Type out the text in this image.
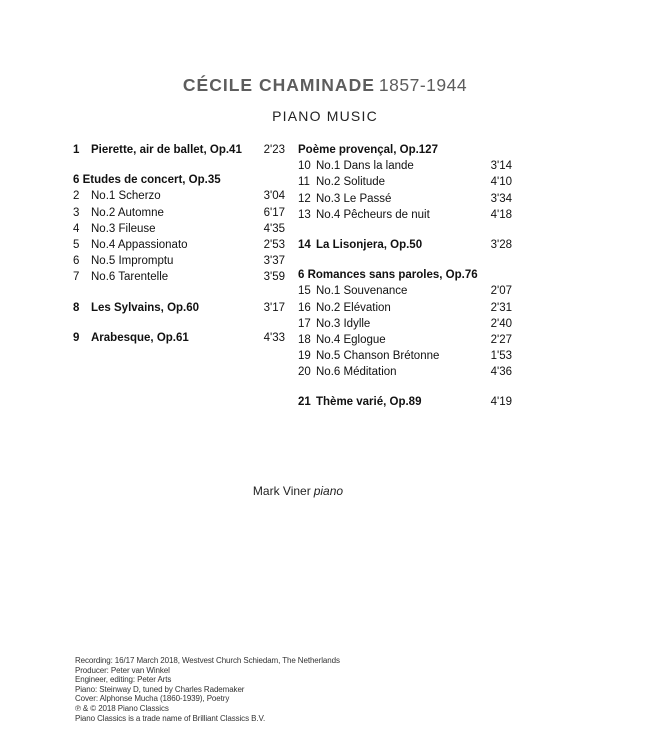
CÉCILE CHAMINADE 1857-1944
PIANO MUSIC
1 Pierette, air de ballet, Op.41 2'23
6 Etudes de concert, Op.35
2 No.1 Scherzo	3'04
3 No.2 Automne	6'17
4 No.3 Fileuse	4'35
5 No.4 Appassionato	2'53
6 No.5 Impromptu	3'37
7 No.6 Tarentelle	3'59
8 Les Sylvains, Op.60	3'17
9 Arabesque, Op.61	4'33
Poème provençal, Op.127
10 No.1 Dans la lande	3'14
11 No.2 Solitude	4'10
12 No.3 Le Passé	3'34
13 No.4 Pêcheurs de nuit	4'18
14 La Lisonjera, Op.50	3'28
6 Romances sans paroles, Op.76
15 No.1 Souvenance	2'07
16 No.2 Elévation	2'31
17 No.3 Idylle	2'40
18 No.4 Eglogue	2'27
19 No.5 Chanson Brétonne	1'53
20 No.6 Méditation	4'36
21 Thème varié, Op.89	4'19
Mark Viner piano
Recording: 16/17 March 2018, Westvest Church Schiedam, The Netherlands
Producer: Peter van Winkel
Engineer, editing: Peter Arts
Piano: Steinway D, tuned by Charles Rademaker
Cover: Alphonse Mucha (1860-1939), Poetry
℗ & © 2018 Piano Classics
Piano Classics is a trade name of Brilliant Classics B.V.
